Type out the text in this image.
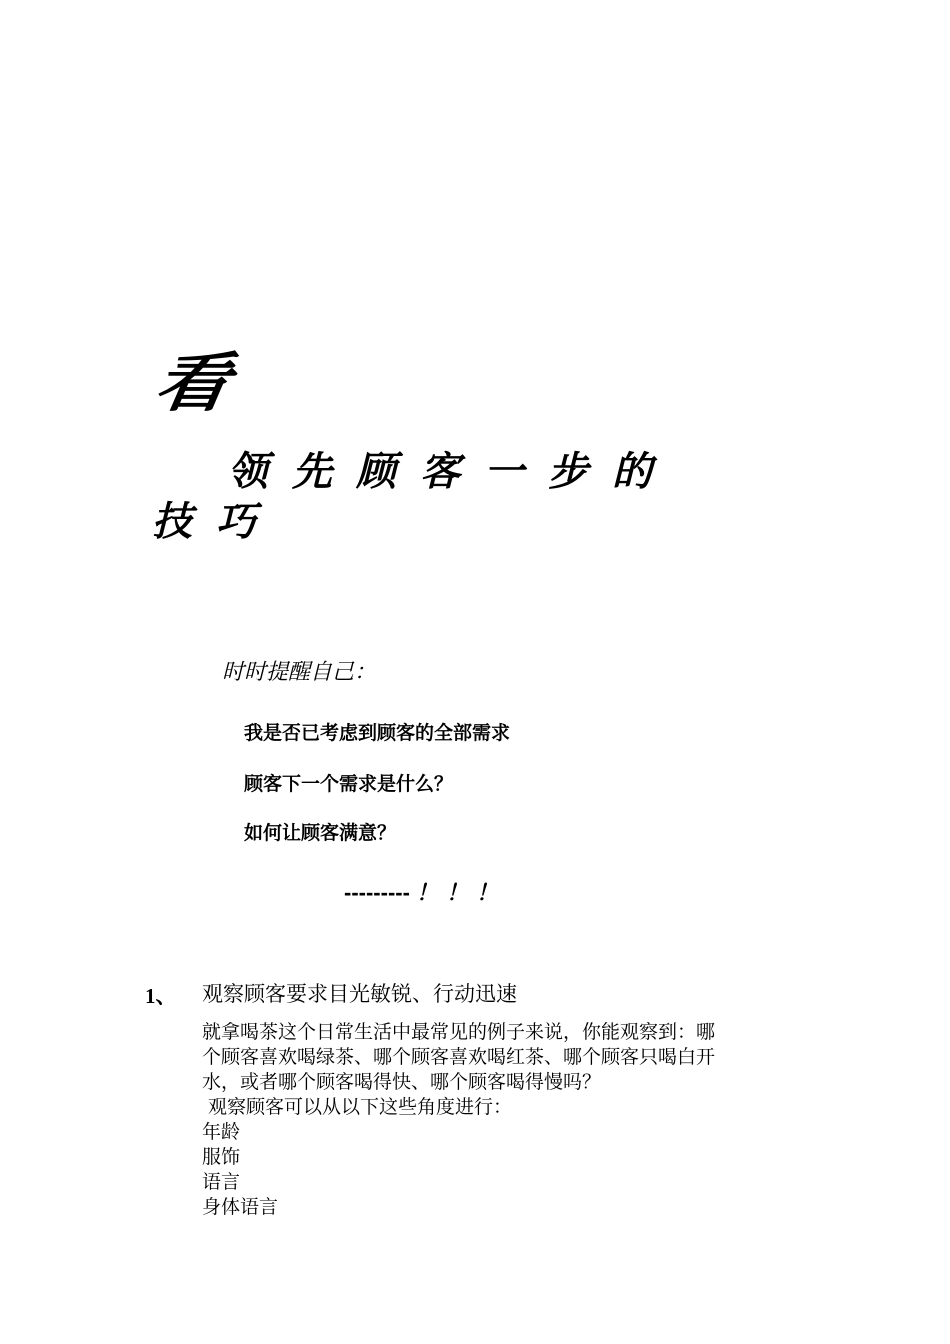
看
领先顾客一步的
技巧
时时提醒自己：
我是否已考虑到顾客的全部需求
顾客下一个需求是什么？
如何让顾客满意？
--------- ！！！
1、 观察顾客要求目光敏锐、行动迅速
就拿喝茶这个日常生活中最常见的例子来说，你能观察到：哪
个顾客喜欢喝绿茶、哪个顾客喜欢喝红茶、哪个顾客只喝白开
水，或者哪个顾客喝得快、哪个顾客喝得慢吗？
观察顾客可以从以下这些角度进行：
年龄
服饰
语言
身体语言
